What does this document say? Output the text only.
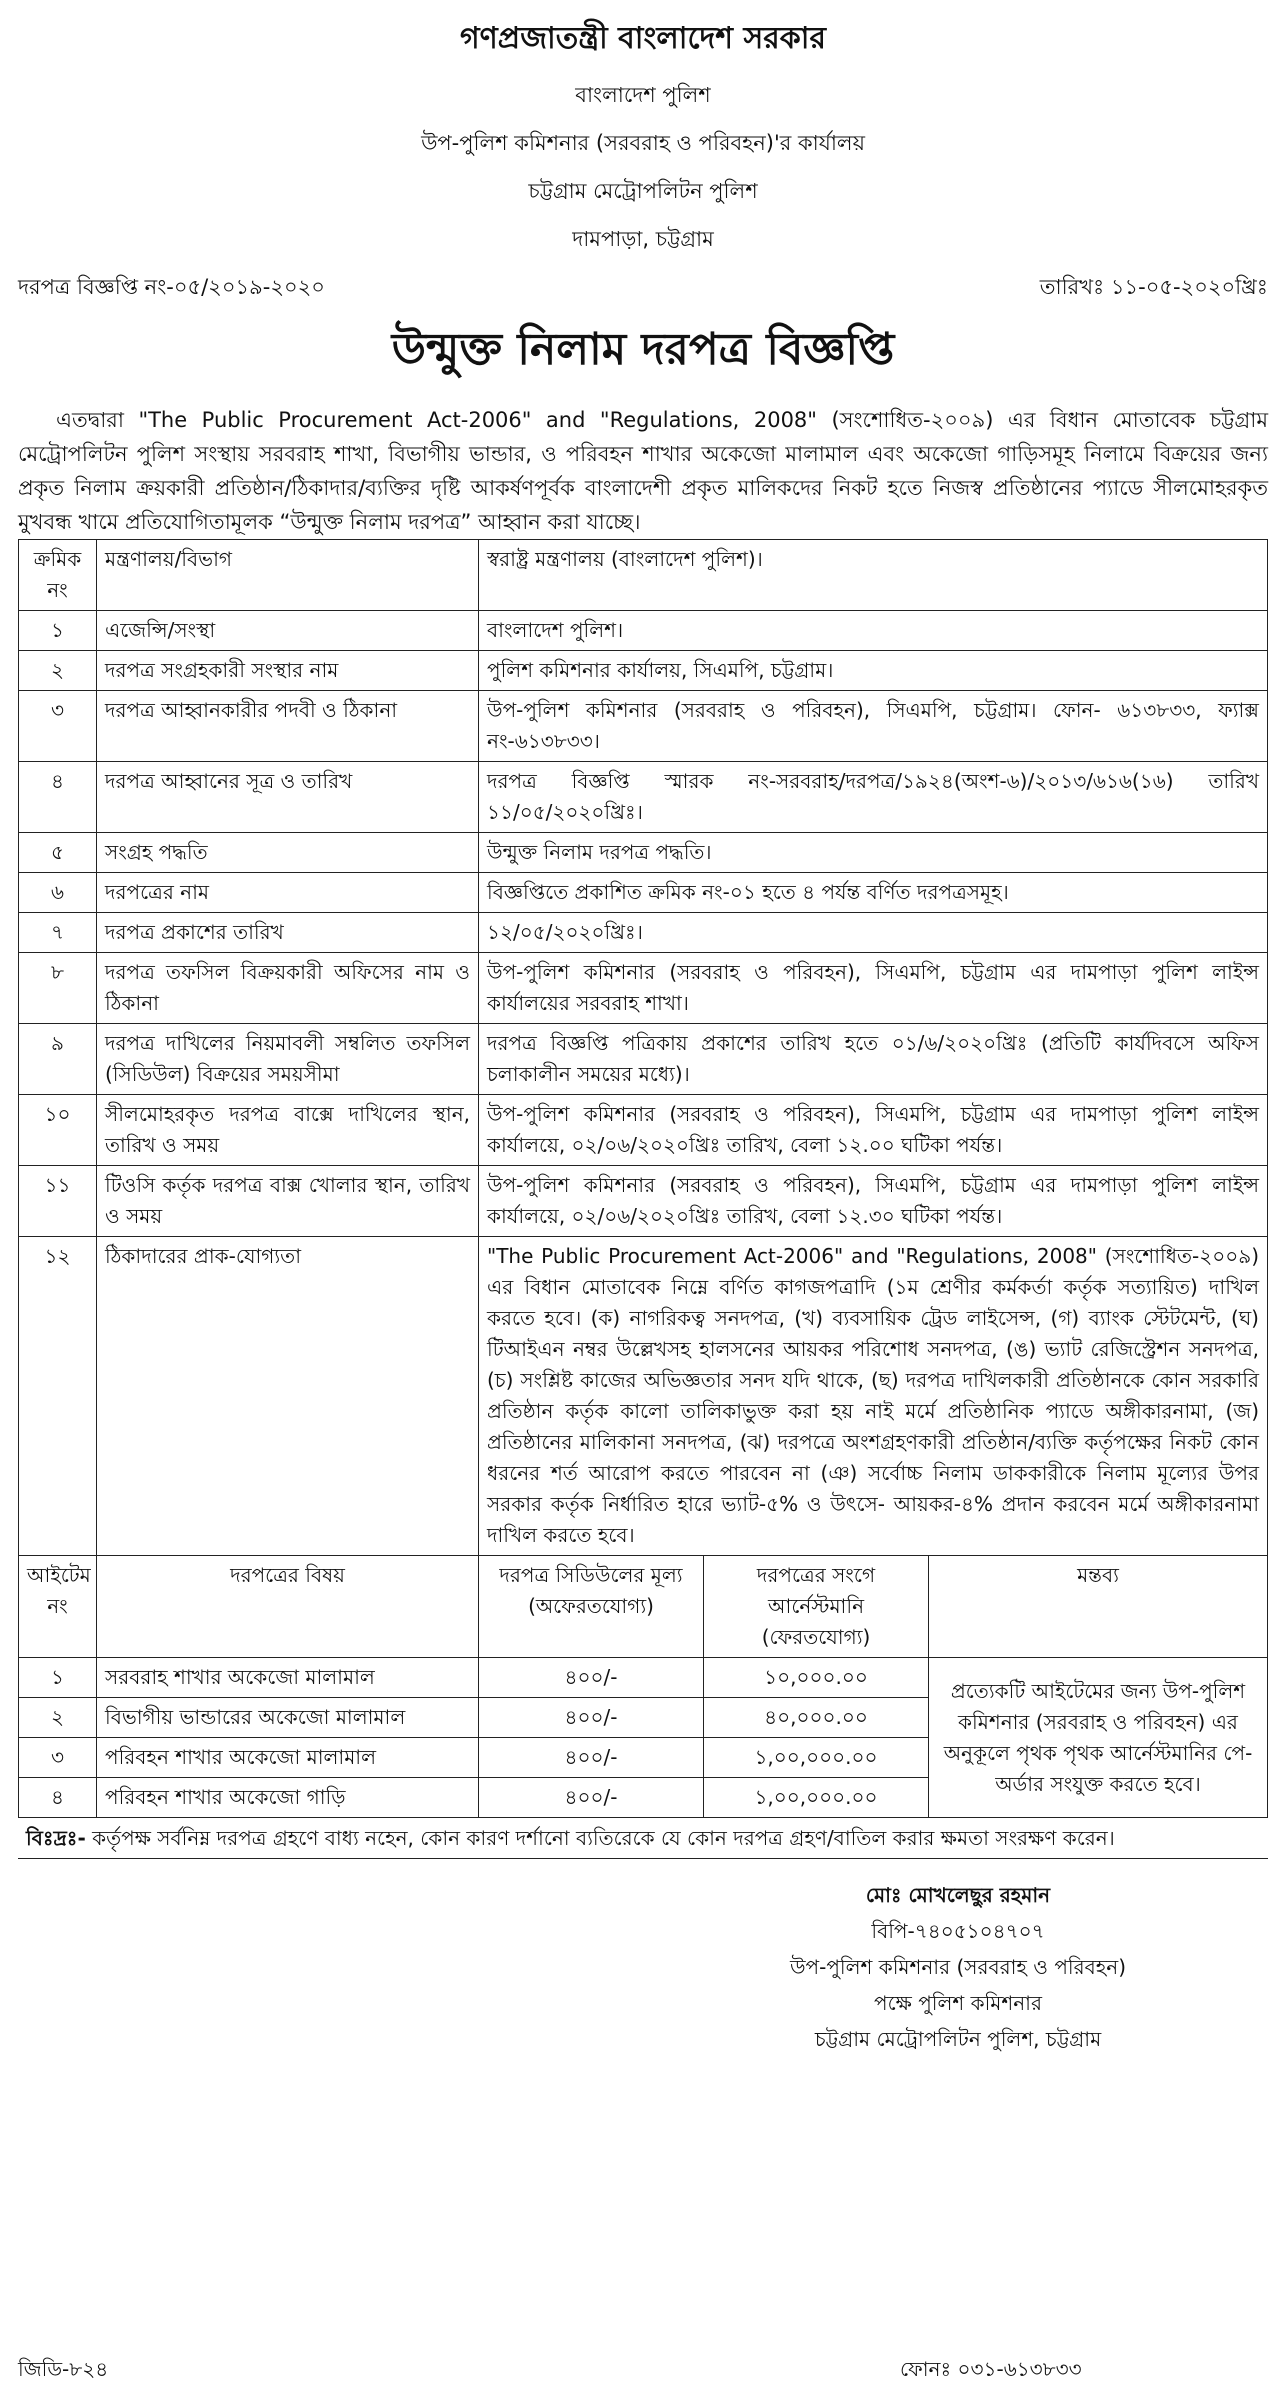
গণপ্রজাতন্ত্রী বাংলাদেশ সরকার
বাংলাদেশ পুলিশ
উপ-পুলিশ কমিশনার (সরবরাহ ও পরিবহন)'র কার্যালয়
চট্টগ্রাম মেট্রোপলিটন পুলিশ
দামপাড়া, চট্টগ্রাম
দরপত্র বিজ্ঞপ্তি নং-০৫/২০১৯-২০২০	তারিখঃ ১১-০৫-২০২০খ্রিঃ
উন্মুক্ত নিলাম দরপত্র বিজ্ঞপ্তি

এতদ্বারা "The Public Procurement Act-2006" and "Regulations, 2008" (সংশোধিত-২০০৯) এর বিধান মোতাবেক চট্টগ্রাম মেট্রোপলিটন পুলিশ সংস্থায় সরবরাহ শাখা, বিভাগীয় ভান্ডার, ও পরিবহন শাখার অকেজো মালামাল এবং অকেজো গাড়িসমূহ নিলামে বিক্রয়ের জন্য প্রকৃত নিলাম ক্রয়কারী প্রতিষ্ঠান/ঠিকাদার/ব্যক্তির দৃষ্টি আকর্ষণপূর্বক বাংলাদেশী প্রকৃত মালিকদের নিকট হতে নিজস্ব প্রতিষ্ঠানের প্যাডে সীলমোহরকৃত মুখবন্ধ খামে প্রতিযোগিতামূলক “উন্মুক্ত নিলাম দরপত্র” আহ্বান করা যাচ্ছে।

ক্রমিক নং	মন্ত্রণালয়/বিভাগ	স্বরাষ্ট্র মন্ত্রণালয় (বাংলাদেশ পুলিশ)।
১	এজেন্সি/সংস্থা	বাংলাদেশ পুলিশ।
২	দরপত্র সংগ্রহকারী সংস্থার নাম	পুলিশ কমিশনার কার্যালয়, সিএমপি, চট্টগ্রাম।
৩	দরপত্র আহ্বানকারীর পদবী ও ঠিকানা	উপ-পুলিশ কমিশনার (সরবরাহ ও পরিবহন), সিএমপি, চট্টগ্রাম। ফোন- ৬১৩৮৩৩, ফ্যাক্স নং-৬১৩৮৩৩।
৪	দরপত্র আহ্বানের সূত্র ও তারিখ	দরপত্র বিজ্ঞপ্তি স্মারক নং-সরবরাহ/দরপত্র/১৯২৪(অংশ-৬)/২০১৩/৬১৬(১৬) তারিখ ১১/০৫/২০২০খ্রিঃ।
৫	সংগ্রহ পদ্ধতি	উন্মুক্ত নিলাম দরপত্র পদ্ধতি।
৬	দরপত্রের নাম	বিজ্ঞপ্তিতে প্রকাশিত ক্রমিক নং-০১ হতে ৪ পর্যন্ত বর্ণিত দরপত্রসমূহ।
৭	দরপত্র প্রকাশের তারিখ	১২/০৫/২০২০খ্রিঃ।
৮	দরপত্র তফসিল বিক্রয়কারী অফিসের নাম ও ঠিকানা	উপ-পুলিশ কমিশনার (সরবরাহ ও পরিবহন), সিএমপি, চট্টগ্রাম এর দামপাড়া পুলিশ লাইন্স কার্যালয়ের সরবরাহ শাখা।
৯	দরপত্র দাখিলের নিয়মাবলী সম্বলিত তফসিল (সিডিউল) বিক্রয়ের সময়সীমা	দরপত্র বিজ্ঞপ্তি পত্রিকায় প্রকাশের তারিখ হতে ০১/৬/২০২০খ্রিঃ (প্রতিটি কার্যদিবসে অফিস চলাকালীন সময়ের মধ্যে)।
১০	সীলমোহরকৃত দরপত্র বাক্সে দাখিলের স্থান, তারিখ ও সময়	উপ-পুলিশ কমিশনার (সরবরাহ ও পরিবহন), সিএমপি, চট্টগ্রাম এর দামপাড়া পুলিশ লাইন্স কার্যালয়ে, ০২/০৬/২০২০খ্রিঃ তারিখ, বেলা ১২.০০ ঘটিকা পর্যন্ত।
১১	টিওসি কর্তৃক দরপত্র বাক্স খোলার স্থান, তারিখ ও সময়	উপ-পুলিশ কমিশনার (সরবরাহ ও পরিবহন), সিএমপি, চট্টগ্রাম এর দামপাড়া পুলিশ লাইন্স কার্যালয়ে, ০২/০৬/২০২০খ্রিঃ তারিখ, বেলা ১২.৩০ ঘটিকা পর্যন্ত।
১২	ঠিকাদারের প্রাক-যোগ্যতা	"The Public Procurement Act-2006" and "Regulations, 2008" (সংশোধিত-২০০৯) এর বিধান মোতাবেক নিম্নে বর্ণিত কাগজপত্রাদি (১ম শ্রেণীর কর্মকর্তা কর্তৃক সত্যায়িত) দাখিল করতে হবে। (ক) নাগরিকত্ব সনদপত্র, (খ) ব্যবসায়িক ট্রেড লাইসেন্স, (গ) ব্যাংক স্টেটমেন্ট, (ঘ) টিআইএন নম্বর উল্লেখসহ হালসনের আয়কর পরিশোধ সনদপত্র, (ঙ) ভ্যাট রেজিস্ট্রেশন সনদপত্র, (চ) সংশ্লিষ্ট কাজের অভিজ্ঞতার সনদ যদি থাকে, (ছ) দরপত্র দাখিলকারী প্রতিষ্ঠানকে কোন সরকারি প্রতিষ্ঠান কর্তৃক কালো তালিকাভুক্ত করা হয় নাই মর্মে প্রতিষ্ঠানিক প্যাডে অঙ্গীকারনামা, (জ) প্রতিষ্ঠানের মালিকানা সনদপত্র, (ঝ) দরপত্রে অংশগ্রহণকারী প্রতিষ্ঠান/ব্যক্তি কর্তৃপক্ষের নিকট কোন ধরনের শর্ত আরোপ করতে পারবেন না (ঞ) সর্বোচ্চ নিলাম ডাককারীকে নিলাম মূল্যের উপর সরকার কর্তৃক নির্ধারিত হারে ভ্যাট-৫% ও উৎসে- আয়কর-৪% প্রদান করবেন মর্মে অঙ্গীকারনামা দাখিল করতে হবে।
আইটেম নং	দরপত্রের বিষয়	দরপত্র সিডিউলের মূল্য (অফেরতযোগ্য)	দরপত্রের সংগে আর্নেস্টমানি (ফেরতযোগ্য)	মন্তব্য
১	সরবরাহ শাখার অকেজো মালামাল	৪০০/-	১০,০০০.০০	প্রত্যেকটি আইটেমের জন্য উপ-পুলিশ কমিশনার (সরবরাহ ও পরিবহন) এর অনুকূলে পৃথক পৃথক আর্নেস্টমানির পে-অর্ডার সংযুক্ত করতে হবে।
২	বিভাগীয় ভান্ডারের অকেজো মালামাল	৪০০/-	৪০,০০০.০০	
৩	পরিবহন শাখার অকেজো মালামাল	৪০০/-	১,০০,০০০.০০	
৪	পরিবহন শাখার অকেজো গাড়ি	৪০০/-	১,০০,০০০.০০	

বিঃদ্রঃ- কর্তৃপক্ষ সর্বনিম্ন দরপত্র গ্রহণে বাধ্য নহেন, কোন কারণ দর্শানো ব্যতিরেকে যে কোন দরপত্র গ্রহণ/বাতিল করার ক্ষমতা সংরক্ষণ করেন।

মোঃ মোখলেছুর রহমান
বিপি-৭৪০৫১০৪৭০৭
উপ-পুলিশ কমিশনার (সরবরাহ ও পরিবহন)
পক্ষে পুলিশ কমিশনার
চট্টগ্রাম মেট্রোপলিটন পুলিশ, চট্টগ্রাম
জিডি-৮২৪	ফোনঃ ০৩১-৬১৩৮৩৩
